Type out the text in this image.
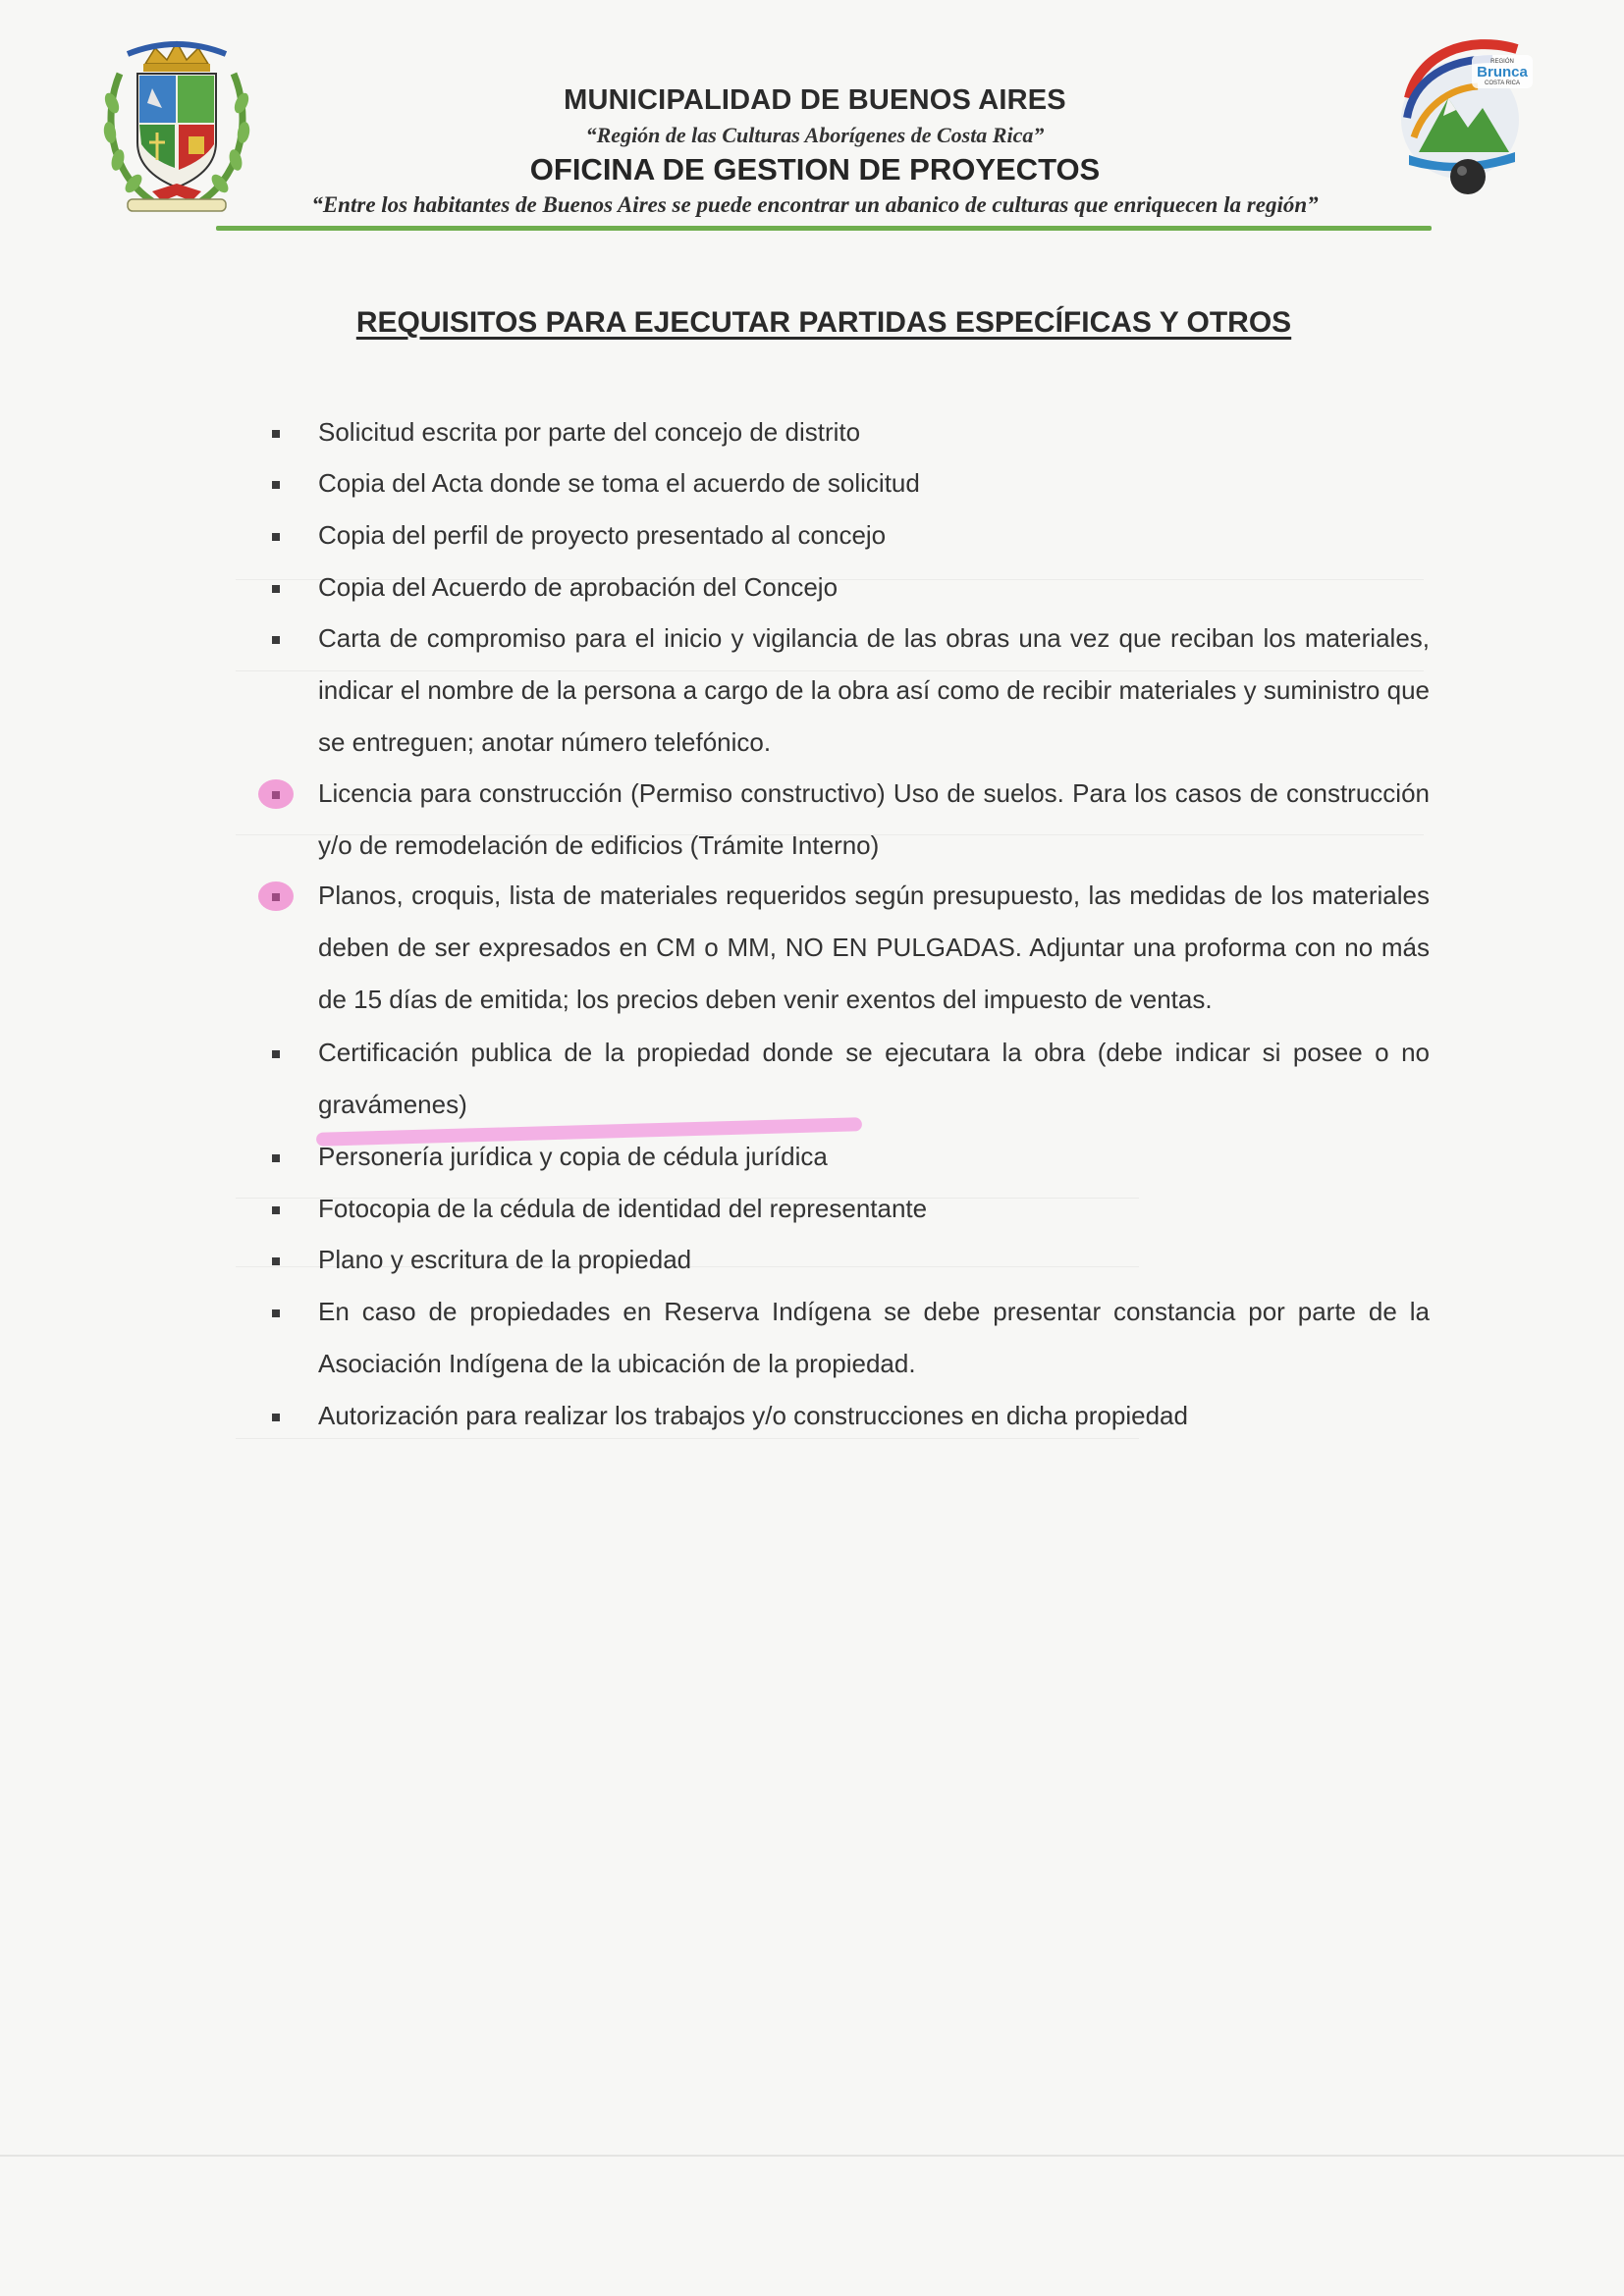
REGIÓN
Brunca
COSTA RICA
MUNICIPALIDAD DE BUENOS AIRES
“Región de las Culturas Aborígenes de Costa Rica”
OFICINA DE GESTION DE PROYECTOS
“Entre los habitantes de Buenos Aires se puede encontrar un abanico de culturas que enriquecen la región”
REQUISITOS PARA EJECUTAR PARTIDAS ESPECÍFICAS Y OTROS
Solicitud escrita por parte del concejo de distrito
Copia del Acta donde se toma el acuerdo de solicitud
Copia del perfil de proyecto presentado al concejo
Copia del Acuerdo de aprobación del Concejo
Carta de compromiso para el inicio y vigilancia de las obras una vez que reciban los materiales, indicar el nombre de la persona a cargo de la obra así como de recibir materiales y suministro que se entreguen; anotar número telefónico.
Licencia para construcción (Permiso constructivo) Uso de suelos. Para los casos de construcción y/o de remodelación de edificios (Trámite Interno)
Planos, croquis, lista de materiales requeridos según presupuesto, las medidas de los materiales deben de ser expresados en CM o MM, NO EN PULGADAS. Adjuntar una proforma con no más de 15 días de emitida; los precios deben venir exentos del impuesto de ventas.
Certificación publica de la propiedad donde se ejecutara la obra (debe indicar si posee o no gravámenes)
Personería jurídica y copia de cédula jurídica
Fotocopia de la cédula de identidad del representante
Plano y escritura de la propiedad
En caso de propiedades en Reserva Indígena se debe presentar constancia por parte de la Asociación Indígena de la ubicación de la propiedad.
Autorización para realizar los trabajos y/o construcciones en dicha propiedad
